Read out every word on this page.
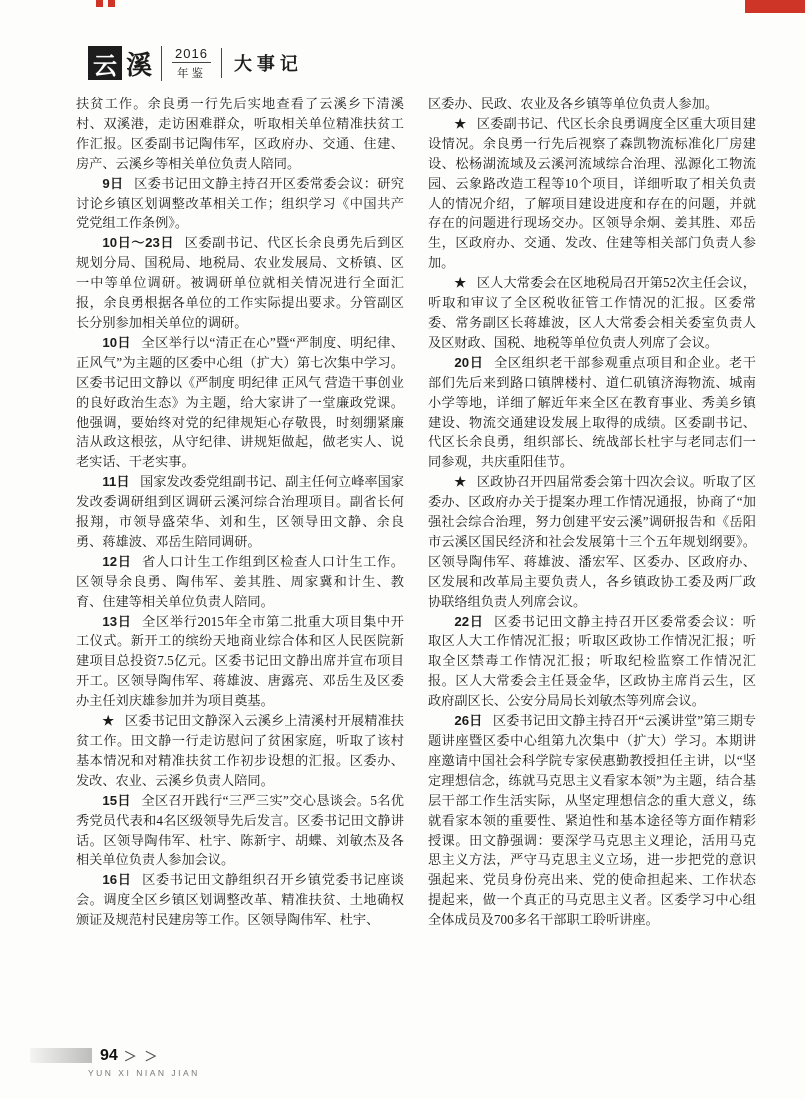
云 溪 2016
年鉴	大事记

扶贫工作。余良勇一行先后实地查看了云溪乡下清溪村、双溪港，走访困难群众，听取相关单位精准扶贫工作汇报。区委副书记陶伟军，区政府办、交通、住建、房产、云溪乡等相关单位负责人陪同。

9日 区委书记田文静主持召开区委常委会议：研究讨论乡镇区划调整改革相关工作；组织学习《中国共产党党组工作条例》。

10日～23日 区委副书记、代区长余良勇先后到区规划分局、国税局、地税局、农业发展局、文桥镇、区一中等单位调研。被调研单位就相关情况进行全面汇报，余良勇根据各单位的工作实际提出要求。分管副区长分别参加相关单位的调研。

10日 全区举行以“清正在心”暨“严制度、明纪律、正风气”为主题的区委中心组（扩大）第七次集中学习。区委书记田文静以《严制度 明纪律 正风气 营造干事创业的良好政治生态》为主题，给大家讲了一堂廉政党课。他强调，要始终对党的纪律规矩心存敬畏，时刻绷紧廉洁从政这根弦，从守纪律、讲规矩做起，做老实人、说老实话、干老实事。

11日 国家发改委党组副书记、副主任何立峰率国家发改委调研组到区调研云溪河综合治理项目。副省长何报翔，市领导盛荣华、刘和生，区领导田文静、余良勇、蒋雄波、邓岳生陪同调研。

12日 省人口计生工作组到区检查人口计生工作。区领导余良勇、陶伟军、姜其胜、周家冀和计生、教育、住建等相关单位负责人陪同。

13日 全区举行2015年全市第二批重大项目集中开工仪式。新开工的缤纷天地商业综合体和区人民医院新建项目总投资7.5亿元。区委书记田文静出席并宣布项目开工。区领导陶伟军、蒋雄波、唐露亮、邓岳生及区委办主任刘庆雄参加并为项目奠基。

★ 区委书记田文静深入云溪乡上清溪村开展精准扶贫工作。田文静一行走访慰问了贫困家庭，听取了该村基本情况和对精准扶贫工作初步设想的汇报。区委办、发改、农业、云溪乡负责人陪同。

15日 全区召开践行“三严三实”交心恳谈会。5名优秀党员代表和4名区级领导先后发言。区委书记田文静讲话。区领导陶伟军、杜宇、陈新宇、胡蝶、刘敏杰及各相关单位负责人参加会议。

16日 区委书记田文静组织召开乡镇党委书记座谈会。调度全区乡镇区划调整改革、精准扶贫、土地确权颁证及规范村民建房等工作。区领导陶伟军、杜宇、

区委办、民政、农业及各乡镇等单位负责人参加。

★ 区委副书记、代区长余良勇调度全区重大项目建设情况。余良勇一行先后视察了森凯物流标准化厂房建设、松杨湖流域及云溪河流域综合治理、泓源化工物流园、云象路改造工程等10个项目，详细听取了相关负责人的情况介绍，了解项目建设进度和存在的问题，并就存在的问题进行现场交办。区领导余炯、姜其胜、邓岳生，区政府办、交通、发改、住建等相关部门负责人参加。

★ 区人大常委会在区地税局召开第52次主任会议，听取和审议了全区税收征管工作情况的汇报。区委常委、常务副区长蒋雄波，区人大常委会相关委室负责人及区财政、国税、地税等单位负责人列席了会议。

20日 全区组织老干部参观重点项目和企业。老干部们先后来到路口镇牌楼村、道仁矶镇济海物流、城南小学等地，详细了解近年来全区在教育事业、秀美乡镇建设、物流交通建设发展上取得的成绩。区委副书记、代区长余良勇，组织部长、统战部长杜宇与老同志们一同参观，共庆重阳佳节。

★ 区政协召开四届常委会第十四次会议。听取了区委办、区政府办关于提案办理工作情况通报，协商了“加强社会综合治理，努力创建平安云溪”调研报告和《岳阳市云溪区国民经济和社会发展第十三个五年规划纲要》。区领导陶伟军、蒋雄波、潘宏军、区委办、区政府办、区发展和改革局主要负责人，各乡镇政协工委及两厂政协联络组负责人列席会议。

22日 区委书记田文静主持召开区委常委会议：听取区人大工作情况汇报；听取区政协工作情况汇报；听取全区禁毒工作情况汇报；听取纪检监察工作情况汇报。区人大常委会主任聂金华，区政协主席肖云生，区政府副区长、公安分局局长刘敏杰等列席会议。

26日 区委书记田文静主持召开“云溪讲堂”第三期专题讲座暨区委中心组第九次集中（扩大）学习。本期讲座邀请中国社会科学院专家侯惠勤教授担任主讲，以“坚定理想信念，练就马克思主义看家本领”为主题，结合基层干部工作生活实际，从坚定理想信念的重大意义，练就看家本领的重要性、紧迫性和基本途径等方面作精彩授课。田文静强调：要深学马克思主义理论，活用马克思主义方法，严守马克思主义立场，进一步把党的意识强起来、党员身份亮出来、党的使命担起来、工作状态提起来，做一个真正的马克思主义者。区委学习中心组全体成员及700多名干部职工聆听讲座。

94 ＞ ＞
YUN XI NIAN JIAN
